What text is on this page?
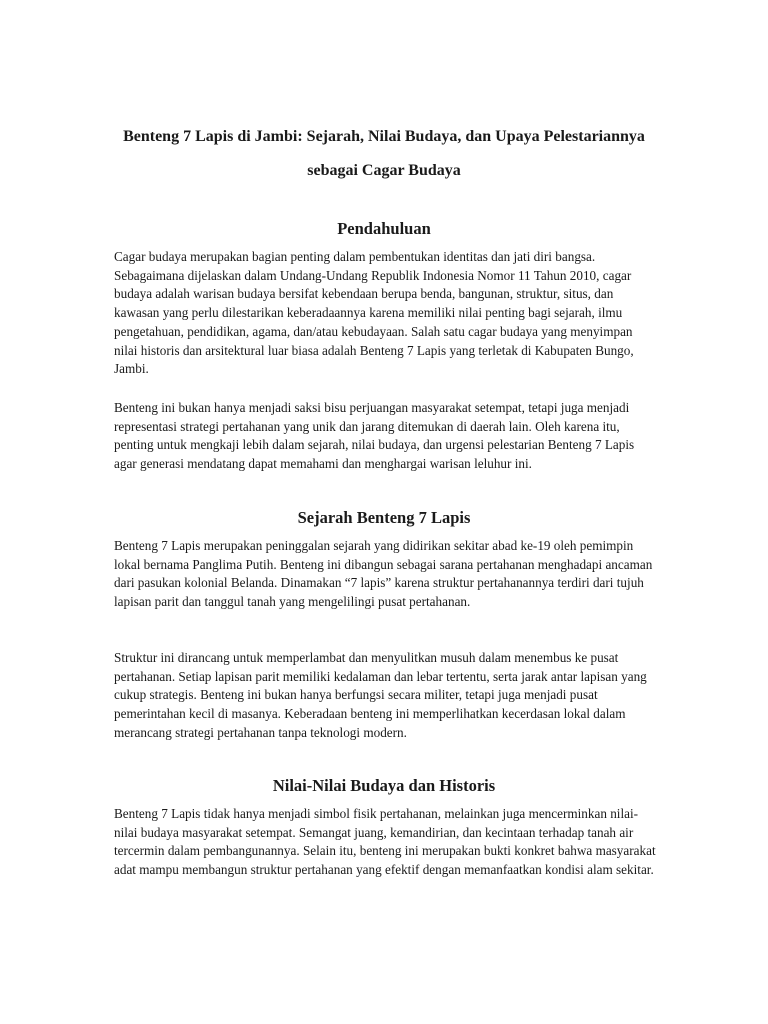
Benteng 7 Lapis di Jambi: Sejarah, Nilai Budaya, dan Upaya Pelestariannya sebagai Cagar Budaya
Pendahuluan

Cagar budaya merupakan bagian penting dalam pembentukan identitas dan jati diri bangsa. Sebagaimana dijelaskan dalam Undang-Undang Republik Indonesia Nomor 11 Tahun 2010, cagar budaya adalah warisan budaya bersifat kebendaan berupa benda, bangunan, struktur, situs, dan kawasan yang perlu dilestarikan keberadaannya karena memiliki nilai penting bagi sejarah, ilmu pengetahuan, pendidikan, agama, dan/atau kebudayaan. Salah satu cagar budaya yang menyimpan nilai historis dan arsitektural luar biasa adalah Benteng 7 Lapis yang terletak di Kabupaten Bungo, Jambi.

Benteng ini bukan hanya menjadi saksi bisu perjuangan masyarakat setempat, tetapi juga menjadi representasi strategi pertahanan yang unik dan jarang ditemukan di daerah lain. Oleh karena itu, penting untuk mengkaji lebih dalam sejarah, nilai budaya, dan urgensi pelestarian Benteng 7 Lapis agar generasi mendatang dapat memahami dan menghargai warisan leluhur ini.

Sejarah Benteng 7 Lapis

Benteng 7 Lapis merupakan peninggalan sejarah yang didirikan sekitar abad ke-19 oleh pemimpin lokal bernama Panglima Putih. Benteng ini dibangun sebagai sarana pertahanan menghadapi ancaman dari pasukan kolonial Belanda. Dinamakan “7 lapis” karena struktur pertahanannya terdiri dari tujuh lapisan parit dan tanggul tanah yang mengelilingi pusat pertahanan.

Struktur ini dirancang untuk memperlambat dan menyulitkan musuh dalam menembus ke pusat pertahanan. Setiap lapisan parit memiliki kedalaman dan lebar tertentu, serta jarak antar lapisan yang cukup strategis. Benteng ini bukan hanya berfungsi secara militer, tetapi juga menjadi pusat pemerintahan kecil di masanya. Keberadaan benteng ini memperlihatkan kecerdasan lokal dalam merancang strategi pertahanan tanpa teknologi modern.

Nilai-Nilai Budaya dan Historis

Benteng 7 Lapis tidak hanya menjadi simbol fisik pertahanan, melainkan juga mencerminkan nilai-nilai budaya masyarakat setempat. Semangat juang, kemandirian, dan kecintaan terhadap tanah air tercermin dalam pembangunannya. Selain itu, benteng ini merupakan bukti konkret bahwa masyarakat adat mampu membangun struktur pertahanan yang efektif dengan memanfaatkan kondisi alam sekitar.
